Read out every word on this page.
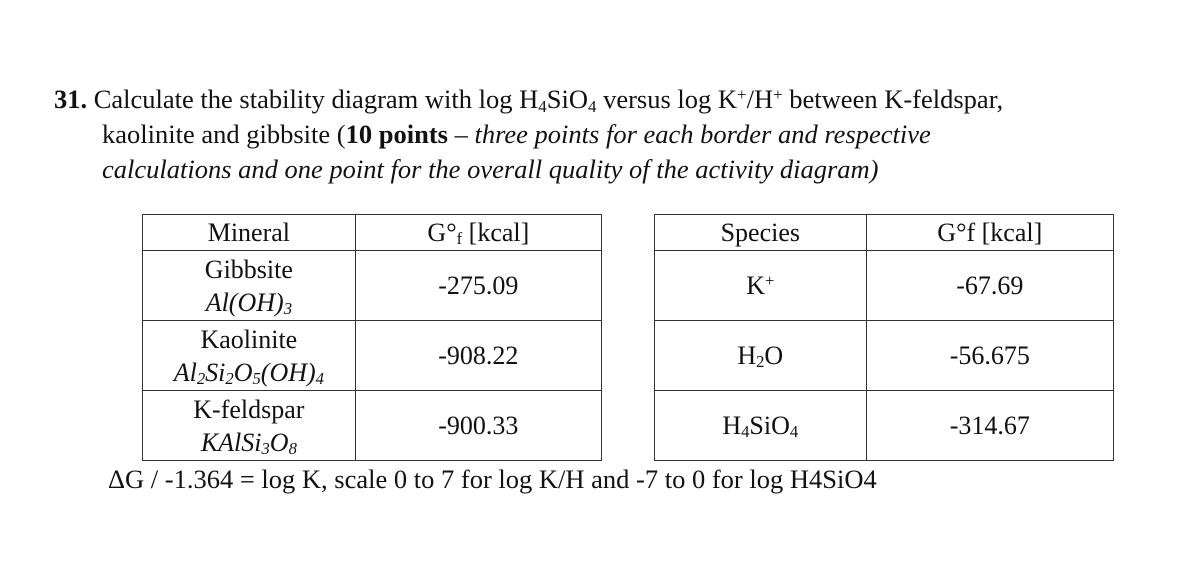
31. Calculate the stability diagram with $\log H_4SiO_4$ versus log K+/H+ between K-feldspar,
kaolinite and gibbsite (10 points – three points for each border and respective
calculations and one point for the overall quality of the activity diagram)
Mineral	$G^\circ_f$ [kcal]

Gibbsite
$Al(OH)_3$	-275.09

Kaolinite
$Al_2Si_2O_5(OH)_4$	-908.22

K-feldspar
$KAlSi_3O_8$	-900.33
Species	G°f [kcal]
K+	-67.69
$H_2O$	-56.675
$H_4SiO_4$	-314.67
ΔG / -1.364 = log K, scale 0 to 7 for log K/H and -7 to 0 for log H4SiO4
